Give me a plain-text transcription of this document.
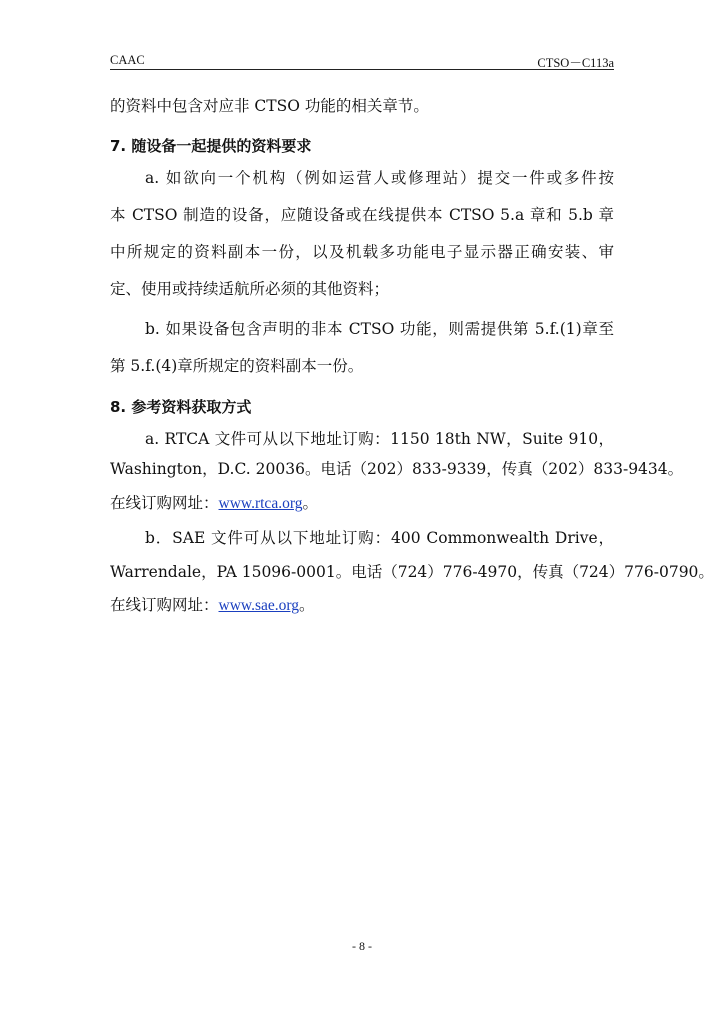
CAAC	CTSO－C113a
的资料中包含对应非 CTSO 功能的相关章节。
7. 随设备一起提供的资料要求
a. 如欲向一个机构（例如运营人或修理站）提交一件或多件按
本 CTSO 制造的设备，应随设备或在线提供本 CTSO 5.a 章和 5.b 章
中所规定的资料副本一份，以及机载多功能电子显示器正确安装、审
定、使用或持续适航所必须的其他资料；
b. 如果设备包含声明的非本 CTSO 功能，则需提供第 5.f.(1)章至
第 5.f.(4)章所规定的资料副本一份。
8. 参考资料获取方式
a. RTCA 文件可从以下地址订购：1150 18th NW，Suite 910，
Washington，D.C. 20036。电话（202）833-9339，传真（202）833-9434。
在线订购网址：www.rtca.org。
b．SAE 文件可从以下地址订购：400 Commonwealth Drive，
Warrendale，PA 15096-0001。电话（724）776-4970，传真（724）776-0790。
在线订购网址：www.sae.org。
- 8 -
